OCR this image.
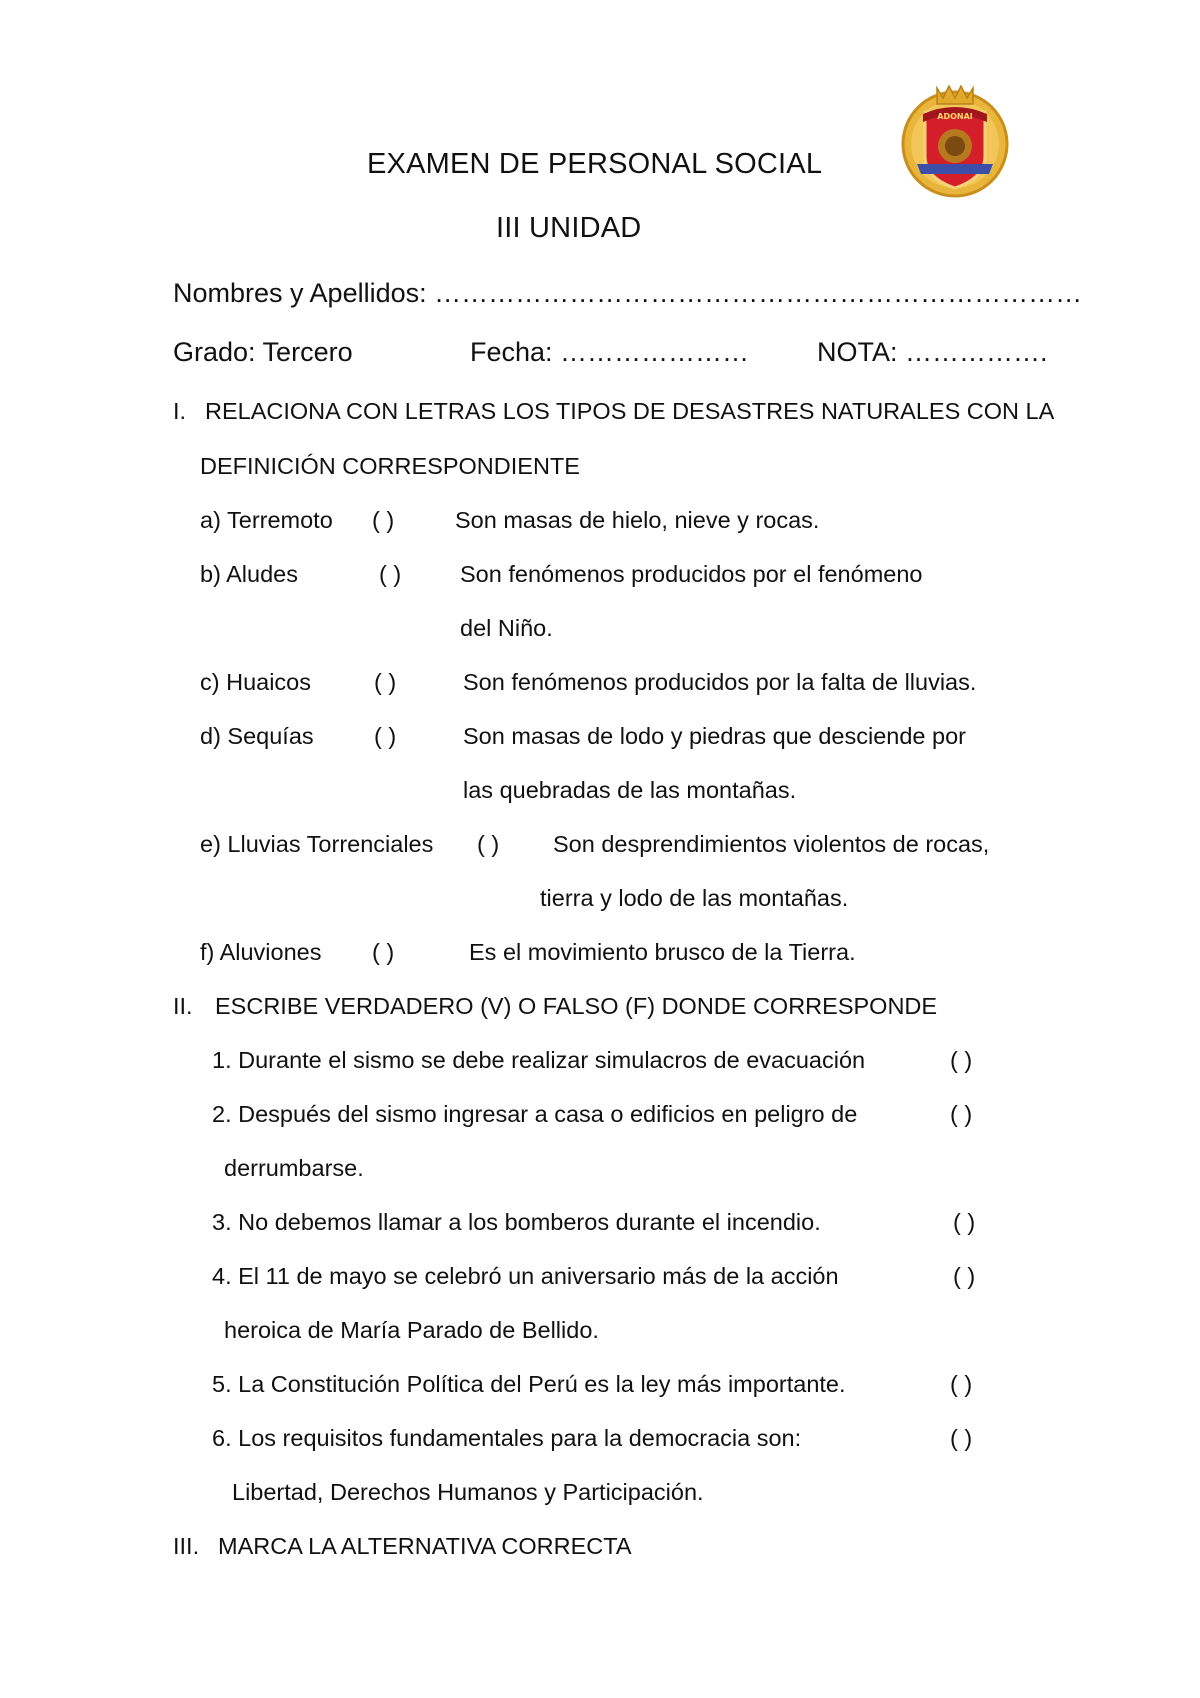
ADONAI
EXAMEN DE PERSONAL SOCIAL
III UNIDAD
Nombres y Apellidos: ………………………………………………………………
Grado: Tercero	Fecha: …………………	NOTA: …………….
I. RELACIONA CON LETRAS LOS TIPOS DE DESASTRES NATURALES CON LA
DEFINICIÓN CORRESPONDIENTE
a) Terremoto ( )	Son masas de hielo, nieve y rocas.
b) Aludes	( )	Son fenómenos producidos por el fenómeno
del Niño.
c) Huaicos	( )	Son fenómenos producidos por la falta de lluvias.
d) Sequías	( )	Son masas de lodo y piedras que desciende por
las quebradas de las montañas.
e) Lluvias Torrenciales ( ) Son desprendimientos violentos de rocas,
tierra y lodo de las montañas.
f) Aluviones ( )	Es el movimiento brusco de la Tierra.
II. ESCRIBE VERDADERO (V) O FALSO (F) DONDE CORRESPONDE
1. Durante el sismo se debe realizar simulacros de evacuación	( )
2. Después del sismo ingresar a casa o edificios en peligro de	( )
derrumbarse.
3. No debemos llamar a los bomberos durante el incendio.	( )
4. El 11 de mayo se celebró un aniversario más de la acción	( )
heroica de María Parado de Bellido.
5. La Constitución Política del Perú es la ley más importante.	( )
6. Los requisitos fundamentales para la democracia son:	( )
Libertad, Derechos Humanos y Participación.
III. MARCA LA ALTERNATIVA CORRECTA
